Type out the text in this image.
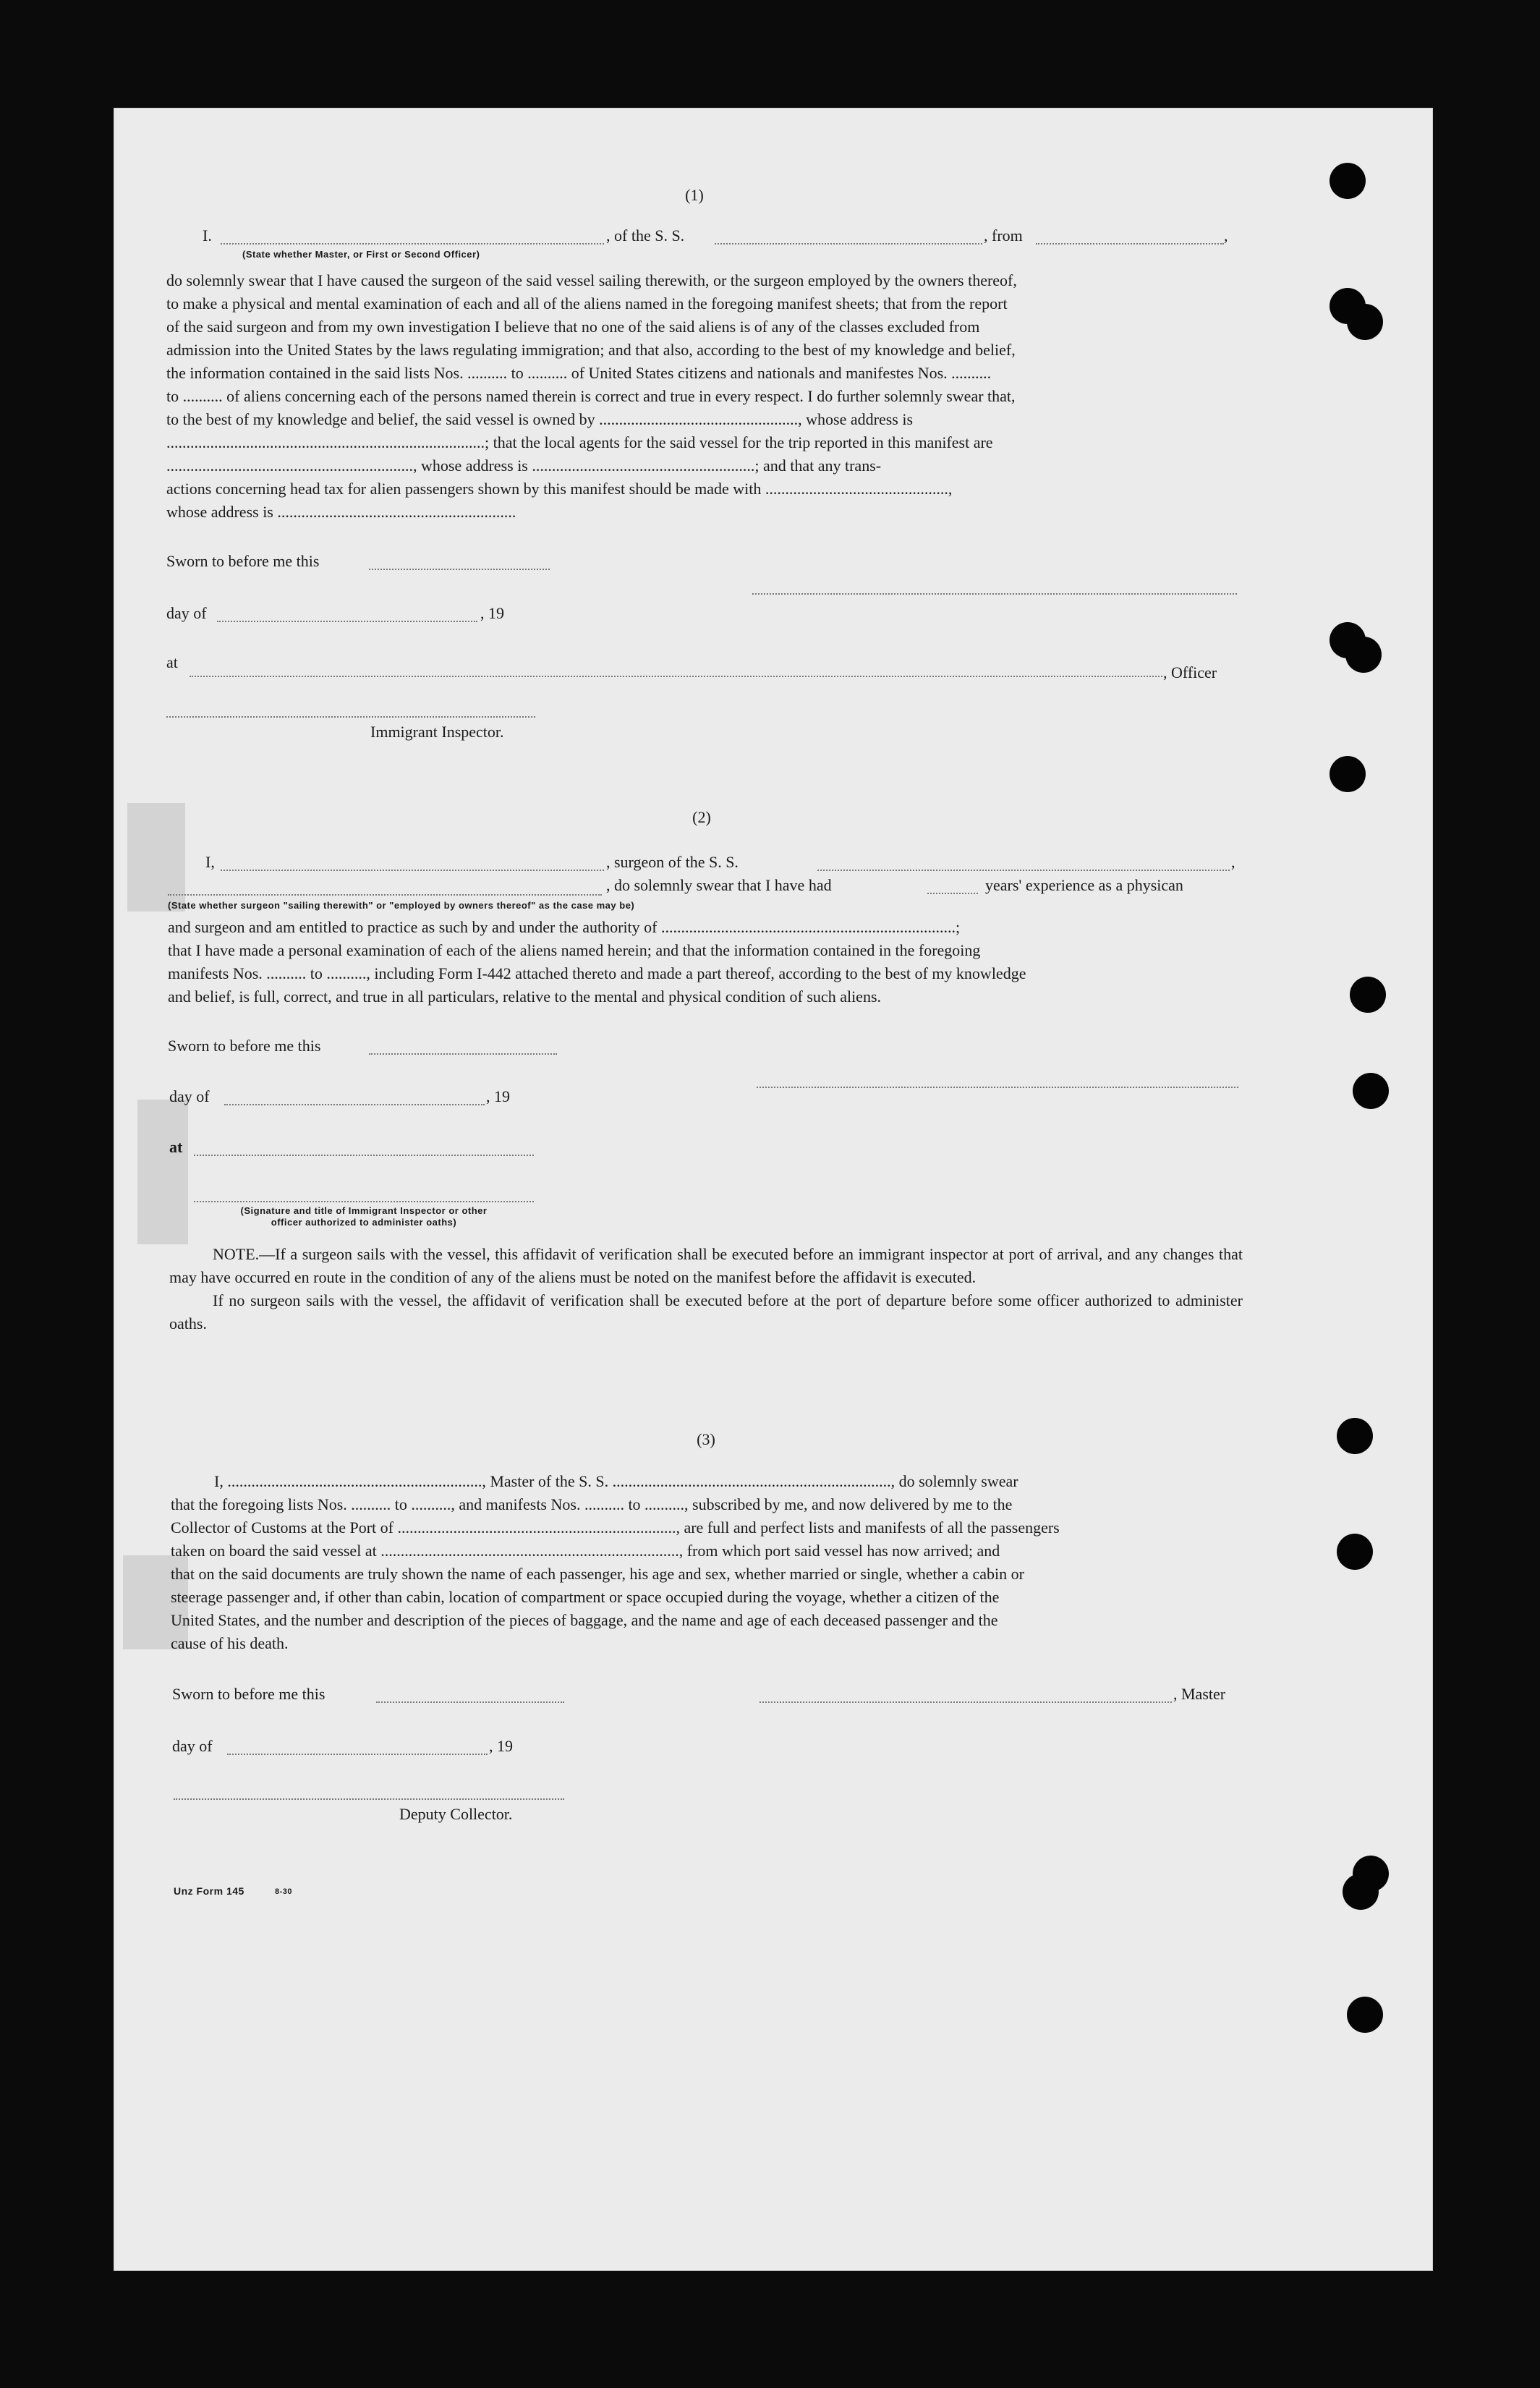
(1)
I.
(State whether Master, or First or Second Officer)
, of the S. S.	, from	,
do solemnly swear that I have caused the surgeon of the said vessel sailing therewith, or the surgeon employed by the owners thereof,
to make a physical and mental examination of each and all of the aliens named in the foregoing manifest sheets; that from the report
of the said surgeon and from my own investigation I believe that no one of the said aliens is of any of the classes excluded from
admission into the United States by the laws regulating immigration; and that also, according to the best of my knowledge and belief,
the information contained in the said lists Nos. .......... to .......... of United States citizens and nationals and manifestes Nos. ..........
to .......... of aliens concerning each of the persons named therein is correct and true in every respect. I do further solemnly swear that,
to the best of my knowledge and belief, the said vessel is owned by .................................................., whose address is
................................................................................; that the local agents for the said vessel for the trip reported in this manifest are
.............................................................., whose address is ........................................................; and that any trans-
actions concerning head tax for alien passengers shown by this manifest should be made with ..............................................,
whose address is ............................................................
Sworn to before me this
day of	, 19
at
, Officer
Immigrant Inspector.
(2)
I,	, surgeon of the S. S.	,
, do solemnly swear that I have had	years' experience as a physican
(State whether surgeon "sailing therewith" or "employed by owners thereof" as the case may be)
and surgeon and am entitled to practice as such by and under the authority of ..........................................................................;
that I have made a personal examination of each of the aliens named herein; and that the information contained in the foregoing
manifests Nos. .......... to .........., including Form I-442 attached thereto and made a part thereof, according to the best of my knowledge
and belief, is full, correct, and true in all particulars, relative to the mental and physical condition of such aliens.
Sworn to before me this
day of	, 19
at
(Signature and title of Immigrant Inspector or other
officer authorized to administer oaths)

NOTE.—If a surgeon sails with the vessel, this affidavit of verification shall be executed before an immigrant inspector at port of arrival, and any changes that may have occurred en route in the condition of any of the aliens must be noted on the manifest before the affidavit is executed.

If no surgeon sails with the vessel, the affidavit of verification shall be executed before at the port of departure before some officer authorized to administer oaths.

(3)
I, ................................................................, Master of the S. S. ......................................................................, do solemnly swear
that the foregoing lists Nos. .......... to .........., and manifests Nos. .......... to .........., subscribed by me, and now delivered by me to the
Collector of Customs at the Port of ......................................................................, are full and perfect lists and manifests of all the passengers
taken on board the said vessel at ..........................................................................., from which port said vessel has now arrived; and
that on the said documents are truly shown the name of each passenger, his age and sex, whether married or single, whether a cabin or
steerage passenger and, if other than cabin, location of compartment or space occupied during the voyage, whether a citizen of the
United States, and the number and description of the pieces of baggage, and the name and age of each deceased passenger and the
cause of his death.
Sworn to before me this	, Master
day of	, 19
Deputy Collector.
Unz Form 145	8-30
